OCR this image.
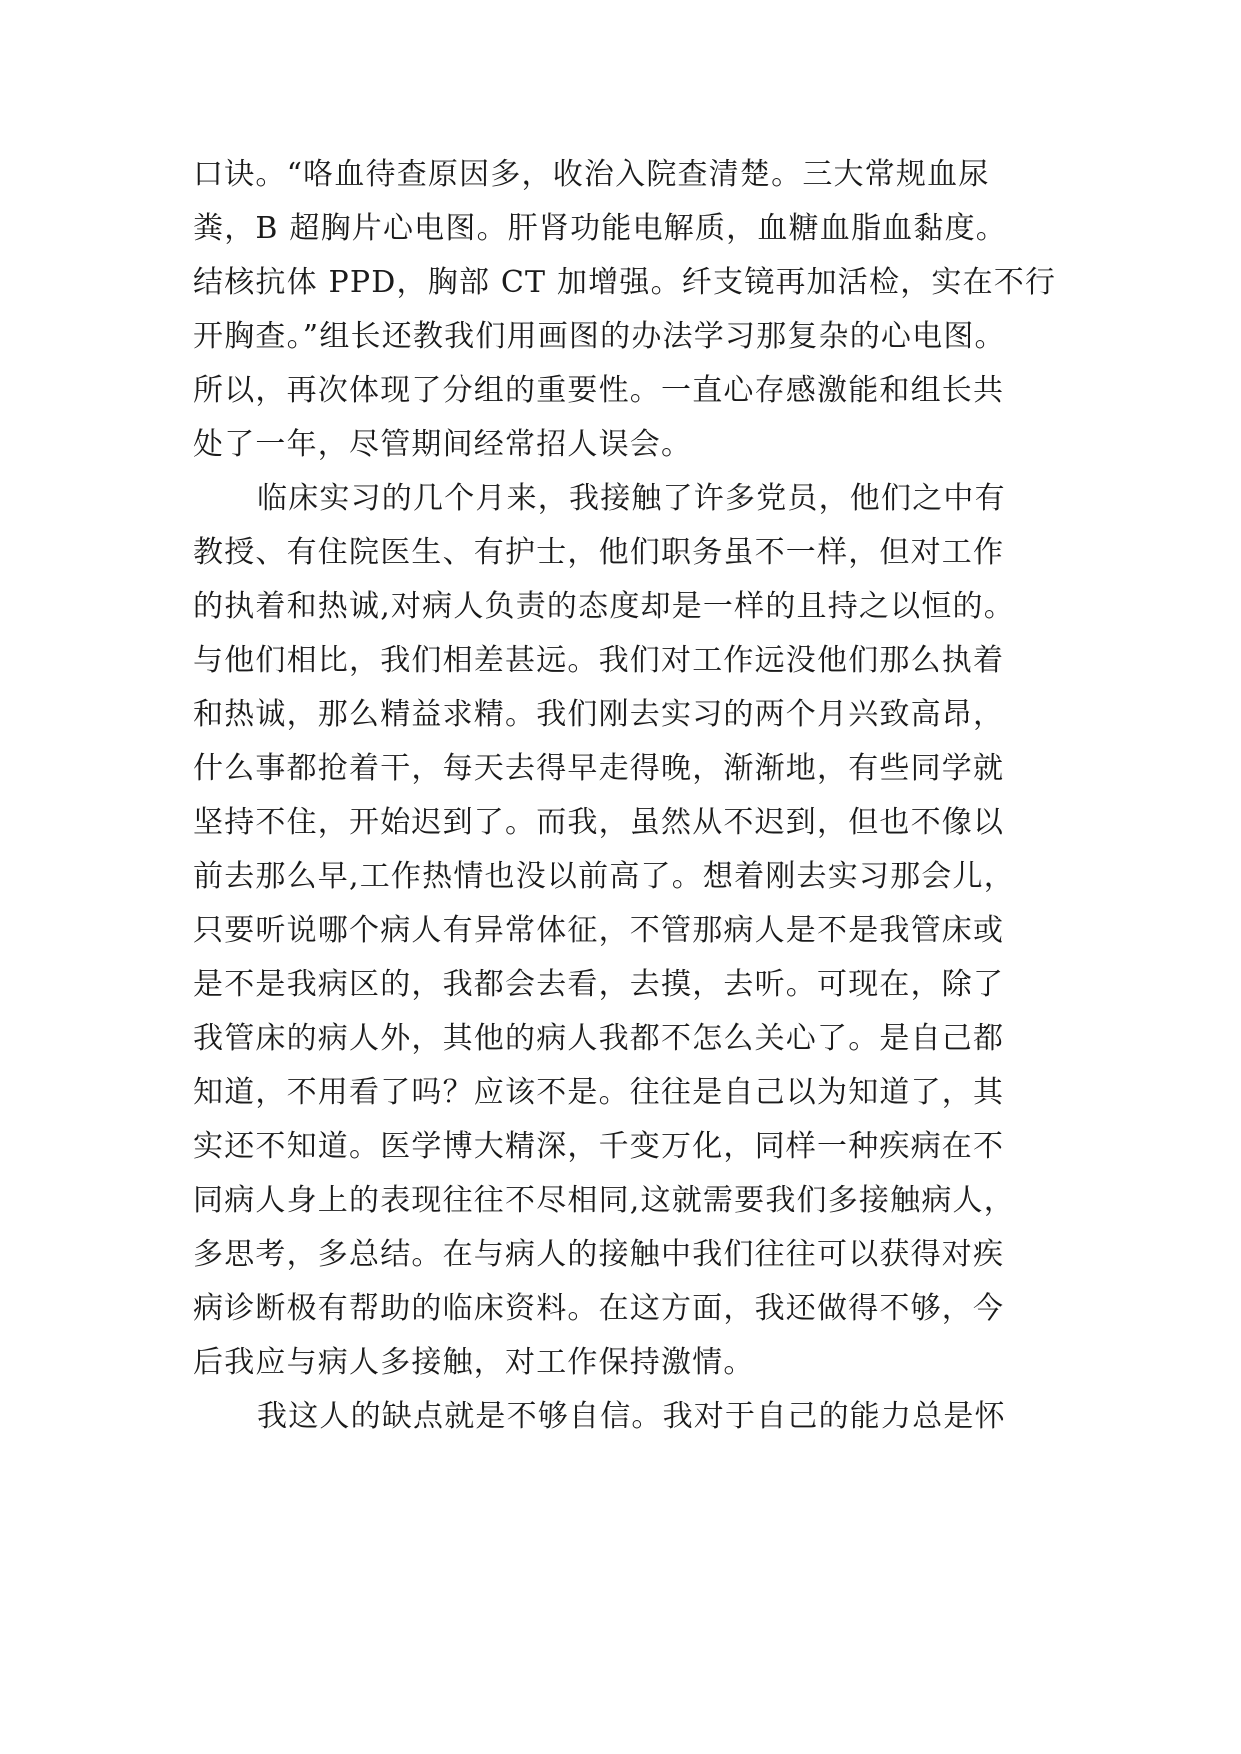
口诀。“咯血待查原因多，收治入院查清楚。三大常规血尿
粪，B 超胸片心电图。肝肾功能电解质，血糖血脂血黏度。
结核抗体 PPD，胸部 CT 加增强。纤支镜再加活检，实在不行
开胸查。”组长还教我们用画图的办法学习那复杂的心电图。
所以，再次体现了分组的重要性。一直心存感激能和组长共
处了一年，尽管期间经常招人误会。
临床实习的几个月来，我接触了许多党员，他们之中有
教授、有住院医生、有护士，他们职务虽不一样，但对工作
的执着和热诚,对病人负责的态度却是一样的且持之以恒的。
与他们相比，我们相差甚远。我们对工作远没他们那么执着
和热诚，那么精益求精。我们刚去实习的两个月兴致高昂，
什么事都抢着干，每天去得早走得晚，渐渐地，有些同学就
坚持不住，开始迟到了。而我，虽然从不迟到，但也不像以
前去那么早,工作热情也没以前高了。想着刚去实习那会儿，
只要听说哪个病人有异常体征，不管那病人是不是我管床或
是不是我病区的，我都会去看，去摸，去听。可现在，除了
我管床的病人外，其他的病人我都不怎么关心了。是自己都
知道，不用看了吗？应该不是。往往是自己以为知道了，其
实还不知道。医学博大精深，千变万化，同样一种疾病在不
同病人身上的表现往往不尽相同,这就需要我们多接触病人，
多思考，多总结。在与病人的接触中我们往往可以获得对疾
病诊断极有帮助的临床资料。在这方面，我还做得不够，今
后我应与病人多接触，对工作保持激情。
我这人的缺点就是不够自信。我对于自己的能力总是怀
